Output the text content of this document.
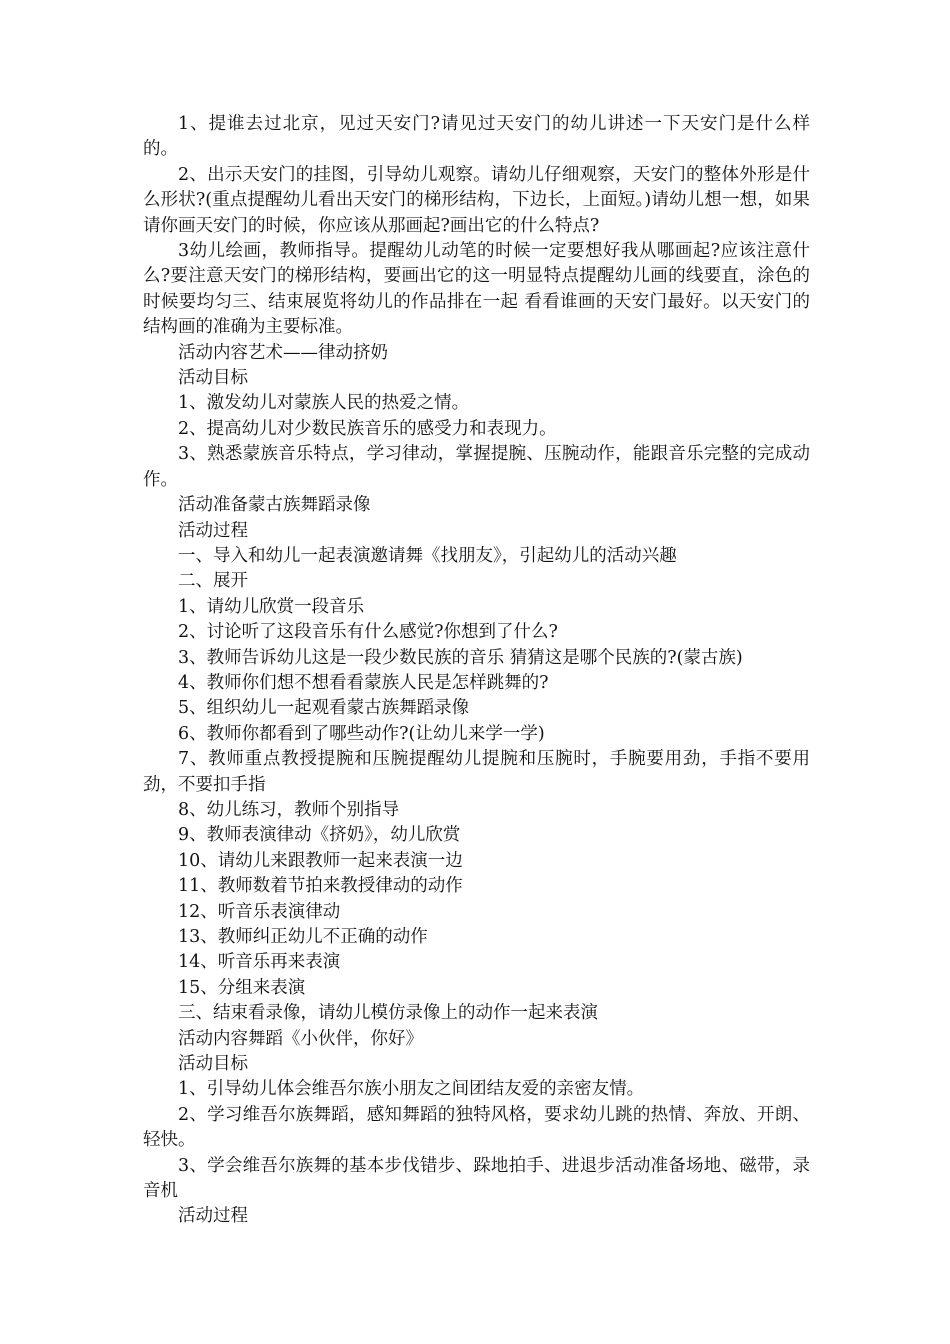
1、提谁去过北京，见过天安门?请见过天安门的幼儿讲述一下天安门是什么样的。

2、出示天安门的挂图，引导幼儿观察。请幼儿仔细观察，天安门的整体外形是什么形状?(重点提醒幼儿看出天安门的梯形结构，下边长，上面短。)请幼儿想一想，如果请你画天安门的时候，你应该从那画起?画出它的什么特点?

3幼儿绘画，教师指导。提醒幼儿动笔的时候一定要想好我从哪画起?应该注意什么?要注意天安门的梯形结构，要画出它的这一明显特点提醒幼儿画的线要直，涂色的时候要均匀三、结束展览将幼儿的作品排在一起 看看谁画的天安门最好。以天安门的结构画的准确为主要标准。

活动内容艺术——律动挤奶

活动目标

1、激发幼儿对蒙族人民的热爱之情。

2、提高幼儿对少数民族音乐的感受力和表现力。

3、熟悉蒙族音乐特点，学习律动，掌握提腕、压腕动作，能跟音乐完整的完成动作。

活动准备蒙古族舞蹈录像

活动过程

一、导入和幼儿一起表演邀请舞《找朋友》，引起幼儿的活动兴趣

二、展开

1、请幼儿欣赏一段音乐

2、讨论听了这段音乐有什么感觉?你想到了什么?

3、教师告诉幼儿这是一段少数民族的音乐 猜猜这是哪个民族的?(蒙古族)

4、教师你们想不想看看蒙族人民是怎样跳舞的?

5、组织幼儿一起观看蒙古族舞蹈录像

6、教师你都看到了哪些动作?(让幼儿来学一学)

7、教师重点教授提腕和压腕提醒幼儿提腕和压腕时，手腕要用劲，手指不要用劲，不要扣手指

8、幼儿练习，教师个别指导

9、教师表演律动《挤奶》，幼儿欣赏

10、请幼儿来跟教师一起来表演一边

11、教师数着节拍来教授律动的动作

12、听音乐表演律动

13、教师纠正幼儿不正确的动作

14、听音乐再来表演

15、分组来表演

三、结束看录像，请幼儿模仿录像上的动作一起来表演

活动内容舞蹈《小伙伴，你好》

活动目标

1、引导幼儿体会维吾尔族小朋友之间团结友爱的亲密友情。

2、学习维吾尔族舞蹈，感知舞蹈的独特风格，要求幼儿跳的热情、奔放、开朗、轻快。

3、学会维吾尔族舞的基本步伐错步、跺地拍手、进退步活动准备场地、磁带，录音机

活动过程
